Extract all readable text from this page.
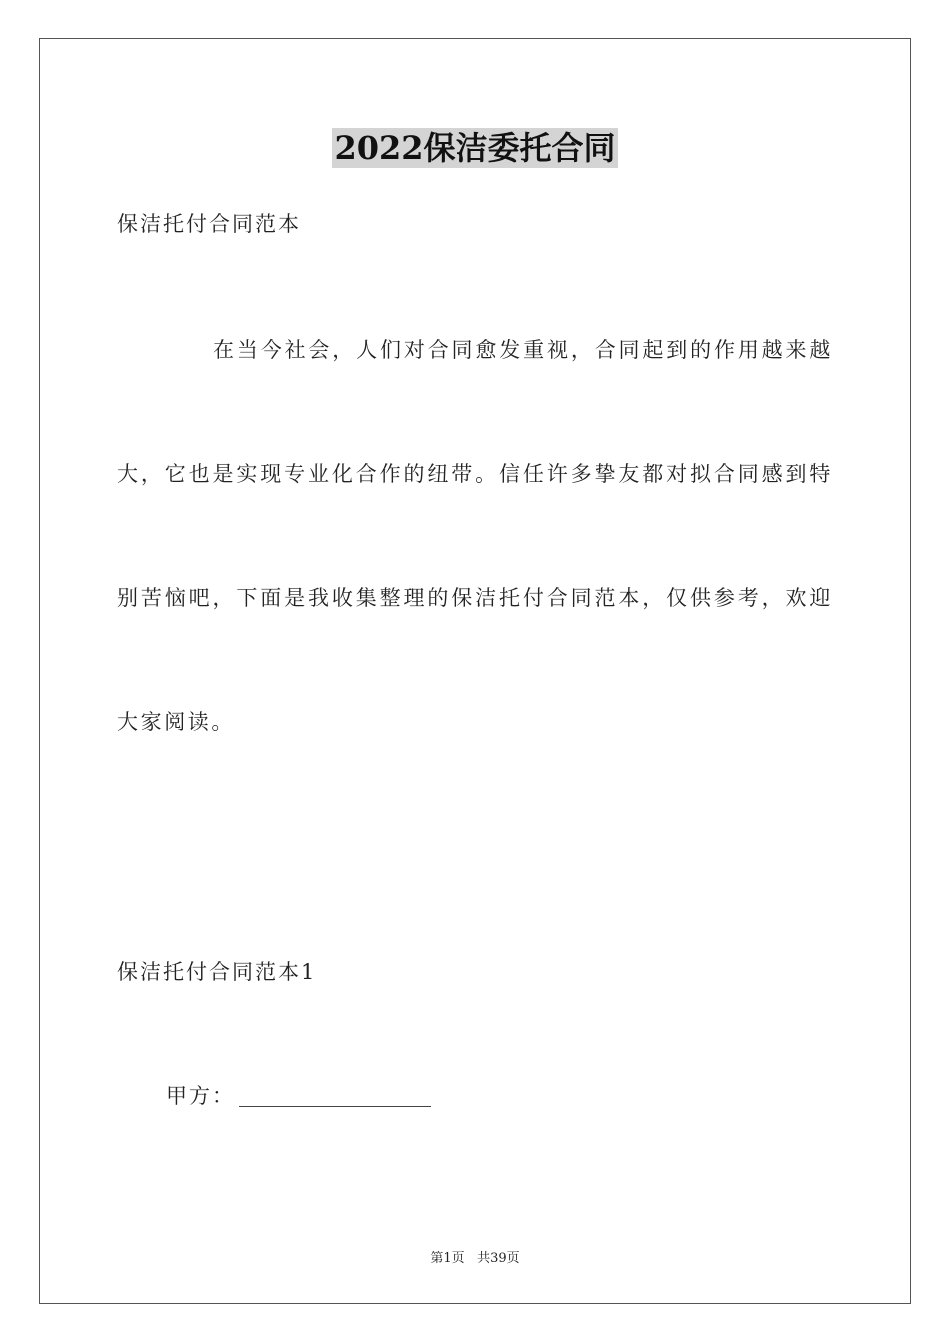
2022保洁委托合同
保洁托付合同范本
在当今社会，人们对合同愈发重视，合同起到的作用越来越
大，它也是实现专业化合作的纽带。信任许多挚友都对拟合同感到特
别苦恼吧，下面是我收集整理的保洁托付合同范本，仅供参考，欢迎
大家阅读。
保洁托付合同范本1
甲方：
第1页 共39页
